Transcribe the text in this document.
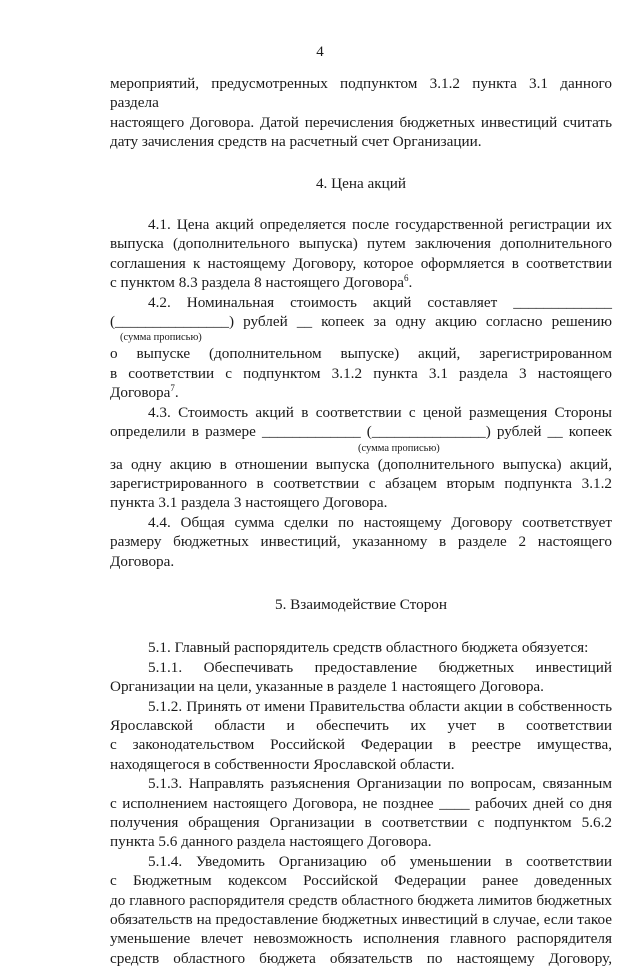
4
мероприятий, предусмотренных подпунктом 3.1.2 пункта 3.1 данного раздела
настоящего Договора. Датой перечисления бюджетных инвестиций считать
дату зачисления средств на расчетный счет Организации.
4. Цена акций
4.1. Цена акций определяется после государственной регистрации их
выпуска (дополнительного выпуска) путем заключения дополнительного
соглашения к настоящему Договору, которое оформляется в соответствии
с пунктом 8.3 раздела 8 настоящего Договора$^6$.
4.2. Номинальная стоимость акций составляет _____________
(_______________) рублей __ копеек за одну акцию согласно решению
(сумма прописью)
о выпуске (дополнительном выпуске) акций, зарегистрированном
в соответствии с подпунктом 3.1.2 пункта 3.1 раздела 3 настоящего
Договора$^7$.
4.3. Стоимость акций в соответствии с ценой размещения Стороны
определили в размере _____________ (_______________) рублей __ копеек
(сумма прописью)
за одну акцию в отношении выпуска (дополнительного выпуска) акций,
зарегистрированного в соответствии с абзацем вторым подпункта 3.1.2
пункта 3.1 раздела 3 настоящего Договора.
4.4. Общая сумма сделки по настоящему Договору соответствует
размеру бюджетных инвестиций, указанному в разделе 2 настоящего
Договора.
5. Взаимодействие Сторон
5.1. Главный распорядитель средств областного бюджета обязуется:
5.1.1. Обеспечивать предоставление бюджетных инвестиций
Организации на цели, указанные в разделе 1 настоящего Договора.
5.1.2. Принять от имени Правительства области акции в собственность
Ярославской области и обеспечить их учет в соответствии
с законодательством Российской Федерации в реестре имущества,
находящегося в собственности Ярославской области.
5.1.3. Направлять разъяснения Организации по вопросам, связанным
с исполнением настоящего Договора, не позднее ____ рабочих дней со дня
получения обращения Организации в соответствии с подпунктом 5.6.2
пункта 5.6 данного раздела настоящего Договора.
5.1.4. Уведомить Организацию об уменьшении в соответствии
с Бюджетным кодексом Российской Федерации ранее доведенных
до главного распорядителя средств областного бюджета лимитов бюджетных
обязательств на предоставление бюджетных инвестиций в случае, если такое
уменьшение влечет невозможность исполнения главного распорядителя
средств областного бюджета обязательств по настоящему Договору,
